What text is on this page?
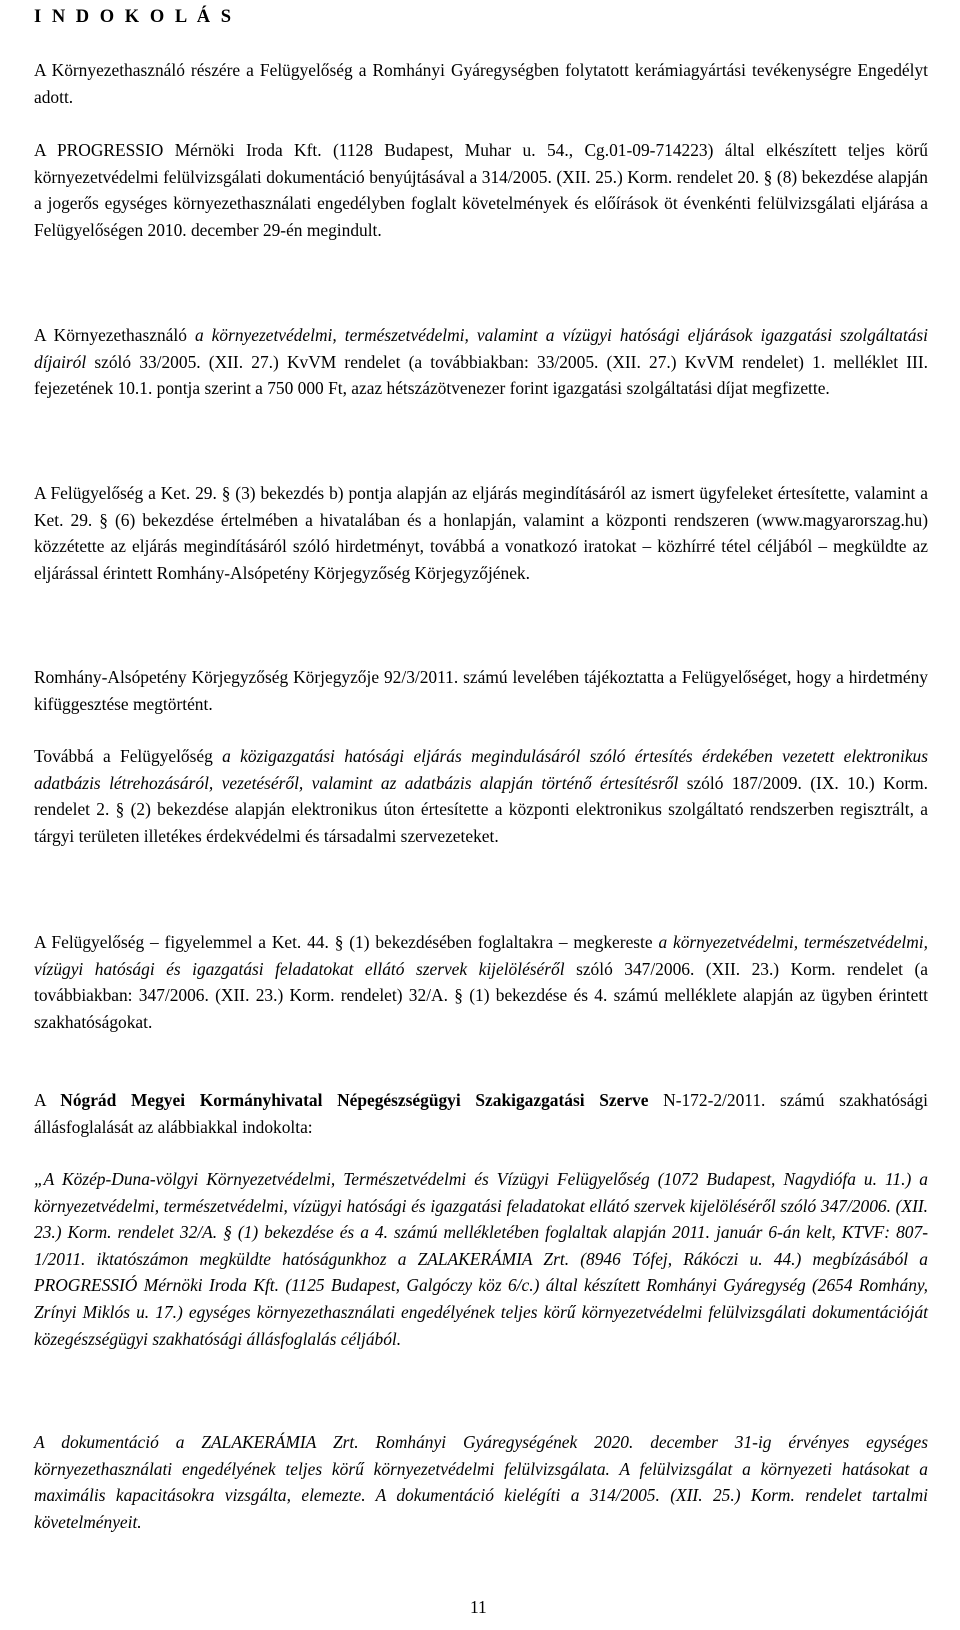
I N D O K O L Á S

A Környezethasználó részére a Felügyelőség a Romhányi Gyáregységben folytatott kerámiagyártási tevékenységre Engedélyt adott.

A PROGRESSIO Mérnöki Iroda Kft. (1128 Budapest, Muhar u. 54., Cg.01-09-714223) által elkészített teljes körű környezetvédelmi felülvizsgálati dokumentáció benyújtásával a 314/2005. (XII. 25.) Korm. rendelet 20. § (8) bekezdése alapján a jogerős egységes környezethasználati engedélyben foglalt követelmények és előírások öt évenkénti felülvizsgálati eljárása a Felügyelőségen 2010. december 29-én megindult.

A Környezethasználó a környezetvédelmi, természetvédelmi, valamint a vízügyi hatósági eljárások igazgatási szolgáltatási díjairól szóló 33/2005. (XII. 27.) KvVM rendelet (a továbbiakban: 33/2005. (XII. 27.) KvVM rendelet) 1. melléklet III. fejezetének 10.1. pontja szerint a 750 000 Ft, azaz hétszázötvenezer forint igazgatási szolgáltatási díjat megfizette.

A Felügyelőség a Ket. 29. § (3) bekezdés b) pontja alapján az eljárás megindításáról az ismert ügyfeleket értesítette, valamint a Ket. 29. § (6) bekezdése értelmében a hivatalában és a honlapján, valamint a központi rendszeren (www.magyarorszag.hu) közzétette az eljárás megindításáról szóló hirdetményt, továbbá a vonatkozó iratokat – közhírré tétel céljából – megküldte az eljárással érintett Romhány-Alsópetény Körjegyzőség Körjegyzőjének.

Romhány-Alsópetény Körjegyzőség Körjegyzője 92/3/2011. számú levelében tájékoztatta a Felügyelőséget, hogy a hirdetmény kifüggesztése megtörtént.

Továbbá a Felügyelőség a közigazgatási hatósági eljárás megindulásáról szóló értesítés érdekében vezetett elektronikus adatbázis létrehozásáról, vezetéséről, valamint az adatbázis alapján történő értesítésről szóló 187/2009. (IX. 10.) Korm. rendelet 2. § (2) bekezdése alapján elektronikus úton értesítette a központi elektronikus szolgáltató rendszerben regisztrált, a tárgyi területen illetékes érdekvédelmi és társadalmi szervezeteket.

A Felügyelőség – figyelemmel a Ket. 44. § (1) bekezdésében foglaltakra – megkereste a környezetvédelmi, természetvédelmi, vízügyi hatósági és igazgatási feladatokat ellátó szervek kijelöléséről szóló 347/2006. (XII. 23.) Korm. rendelet (a továbbiakban: 347/2006. (XII. 23.) Korm. rendelet) 32/A. § (1) bekezdése és 4. számú melléklete alapján az ügyben érintett szakhatóságokat.

A Nógrád Megyei Kormányhivatal Népegészségügyi Szakigazgatási Szerve N-172-2/2011. számú szakhatósági állásfoglalását az alábbiakkal indokolta:

„A Közép-Duna-völgyi Környezetvédelmi, Természetvédelmi és Vízügyi Felügyelőség (1072 Budapest, Nagydiófa u. 11.) a környezetvédelmi, természetvédelmi, vízügyi hatósági és igazgatási feladatokat ellátó szervek kijelöléséről szóló 347/2006. (XII. 23.) Korm. rendelet 32/A. § (1) bekezdése és a 4. számú mellékletében foglaltak alapján 2011. január 6-án kelt, KTVF: 807-1/2011. iktatószámon megküldte hatóságunkhoz a ZALAKERÁMIA Zrt. (8946 Tófej, Rákóczi u. 44.) megbízásából a PROGRESSIÓ Mérnöki Iroda Kft. (1125 Budapest, Galgóczy köz 6/c.) által készített Romhányi Gyáregység (2654 Romhány, Zrínyi Miklós u. 17.) egységes környezethasználati engedélyének teljes körű környezetvédelmi felülvizsgálati dokumentációját közegészségügyi szakhatósági állásfoglalás céljából.

A dokumentáció a ZALAKERÁMIA Zrt. Romhányi Gyáregységének 2020. december 31-ig érvényes egységes környezethasználati engedélyének teljes körű környezetvédelmi felülvizsgálata. A felülvizsgálat a környezeti hatásokat a maximális kapacitásokra vizsgálta, elemezte. A dokumentáció kielégíti a 314/2005. (XII. 25.) Korm. rendelet tartalmi követelményeit.

11
